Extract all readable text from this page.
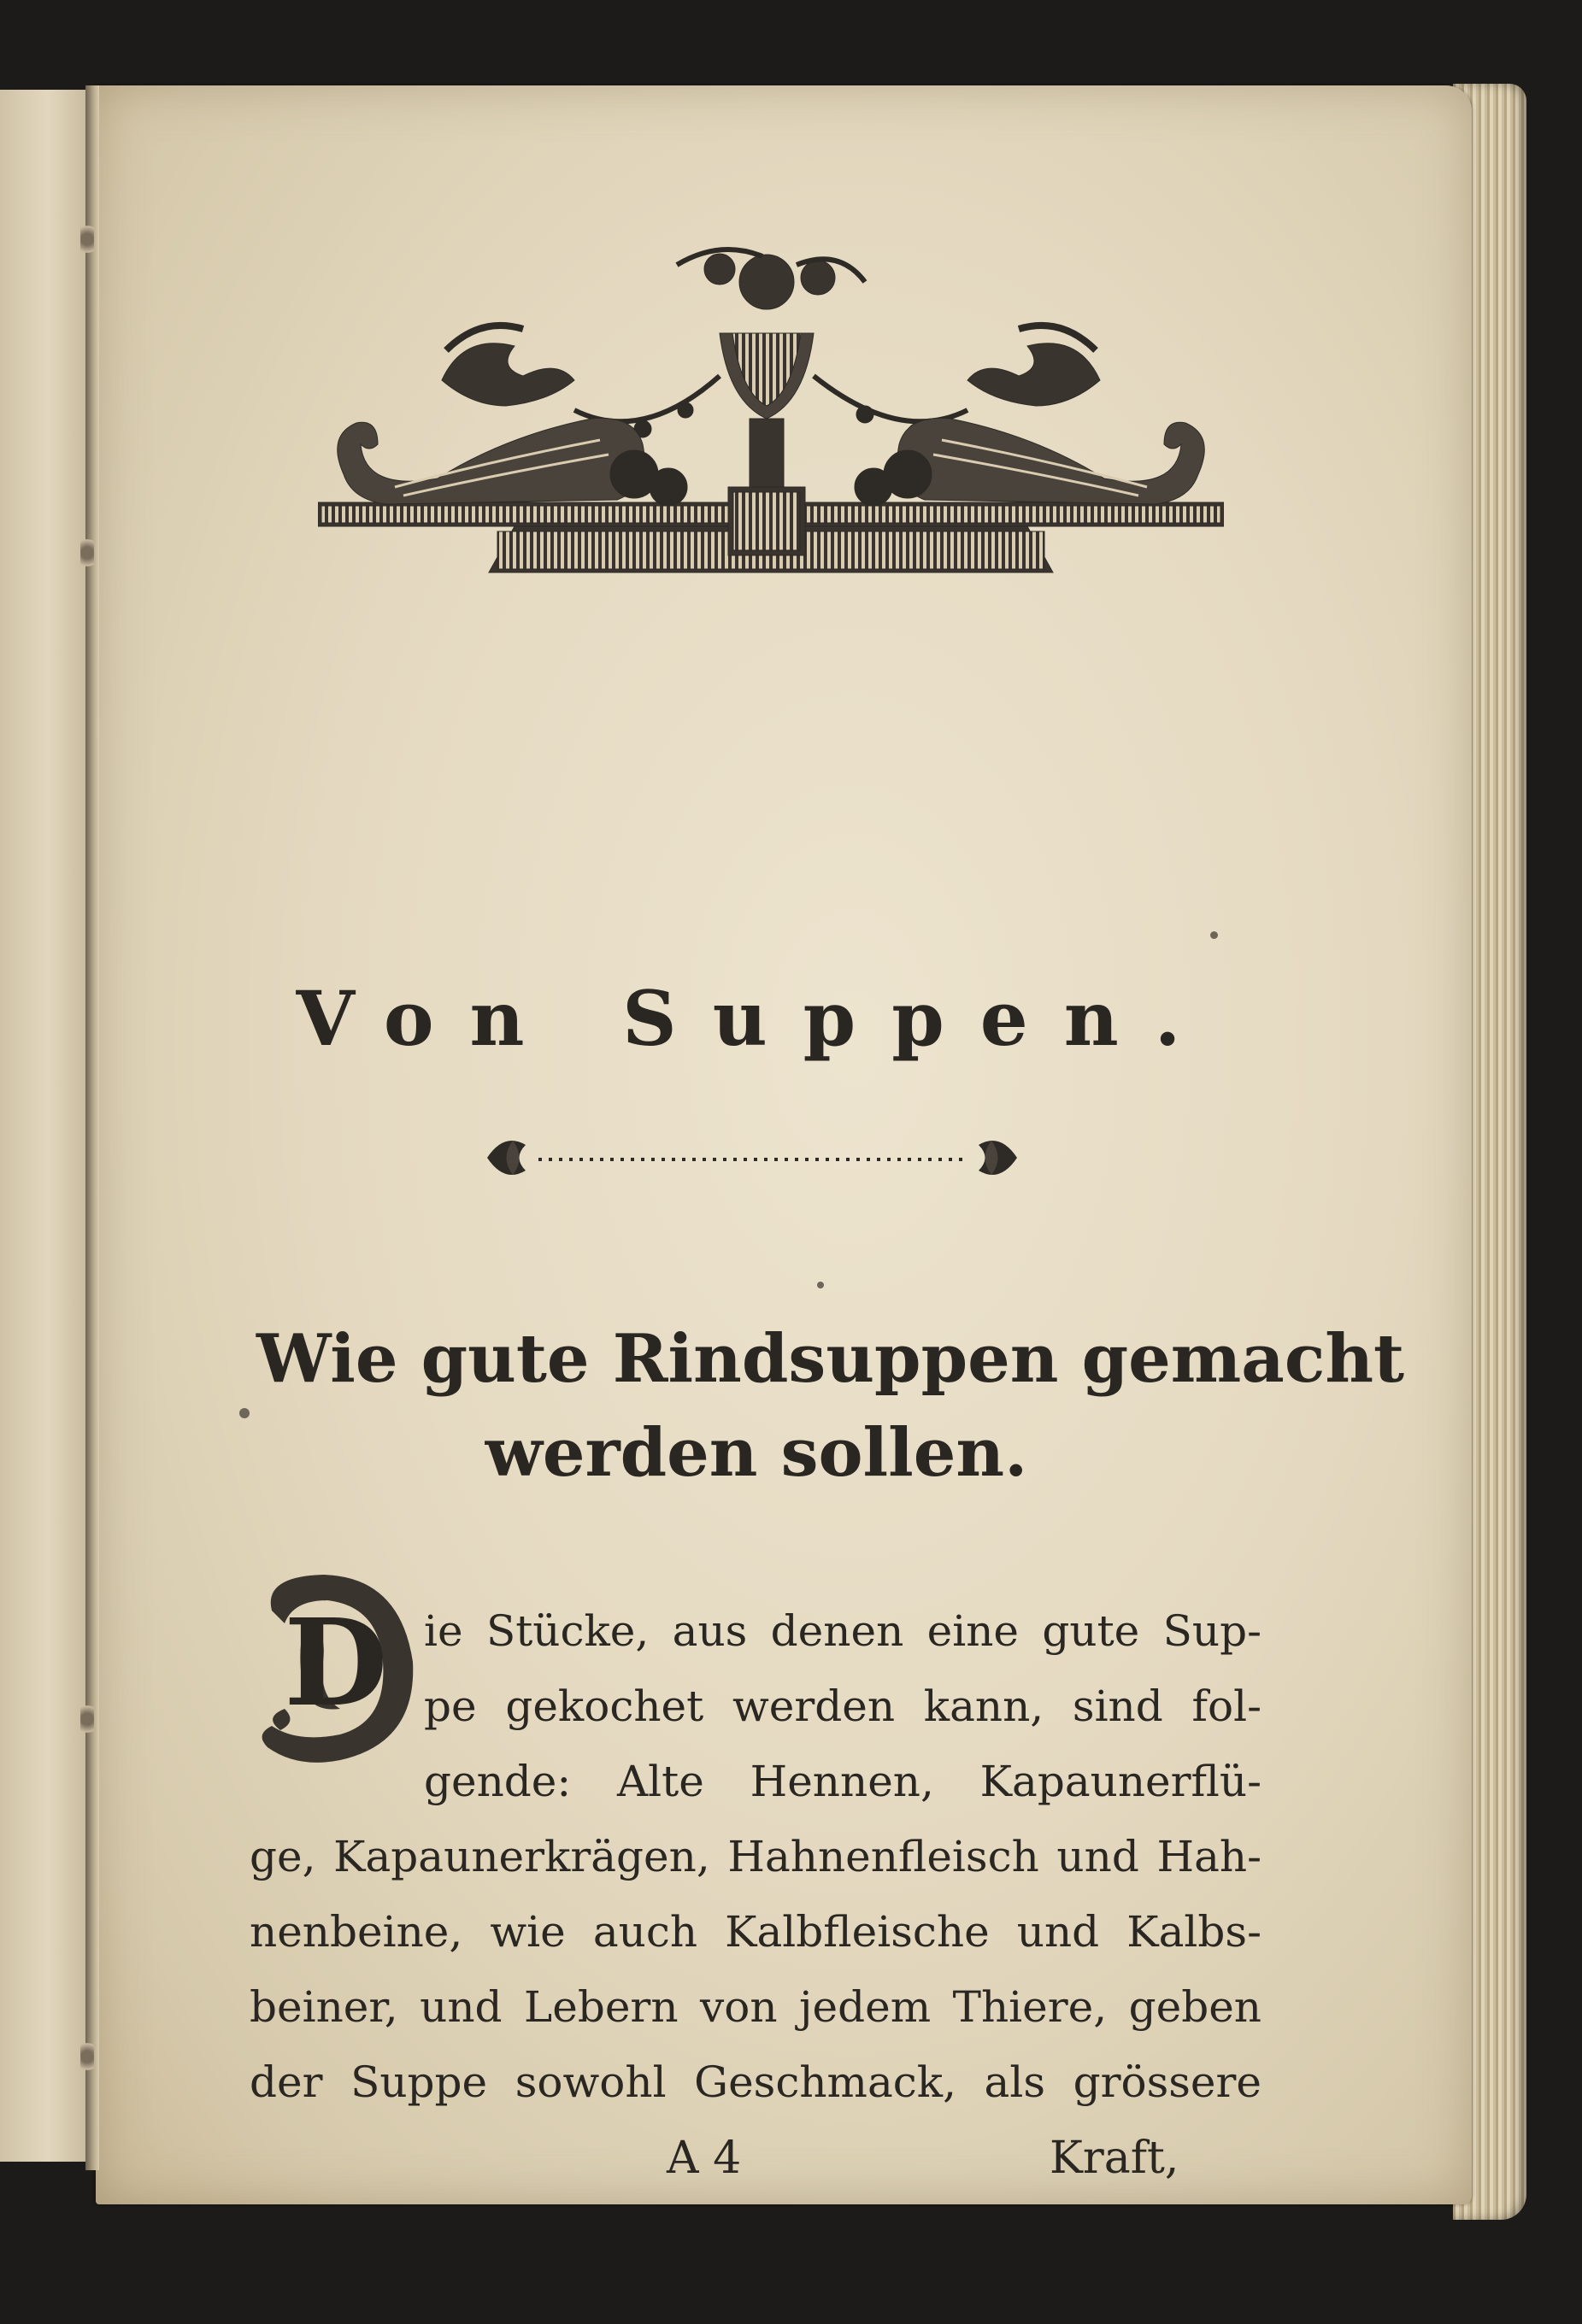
Von Suppen.

Wie gute Rindsuppen gemacht

werden sollen.

D ie Stücke, aus denen eine gute Sup-

pe gekochet werden kann, sind fol-

gende: Alte Hennen, Kapaunerflü-

ge, Kapaunerkrägen, Hahnenfleisch und Hah-

nenbeine, wie auch Kalbfleische und Kalbs-

beiner, und Lebern von jedem Thiere, geben

der Suppe sowohl Geschmack, als grössere

A 4	Kraft,
